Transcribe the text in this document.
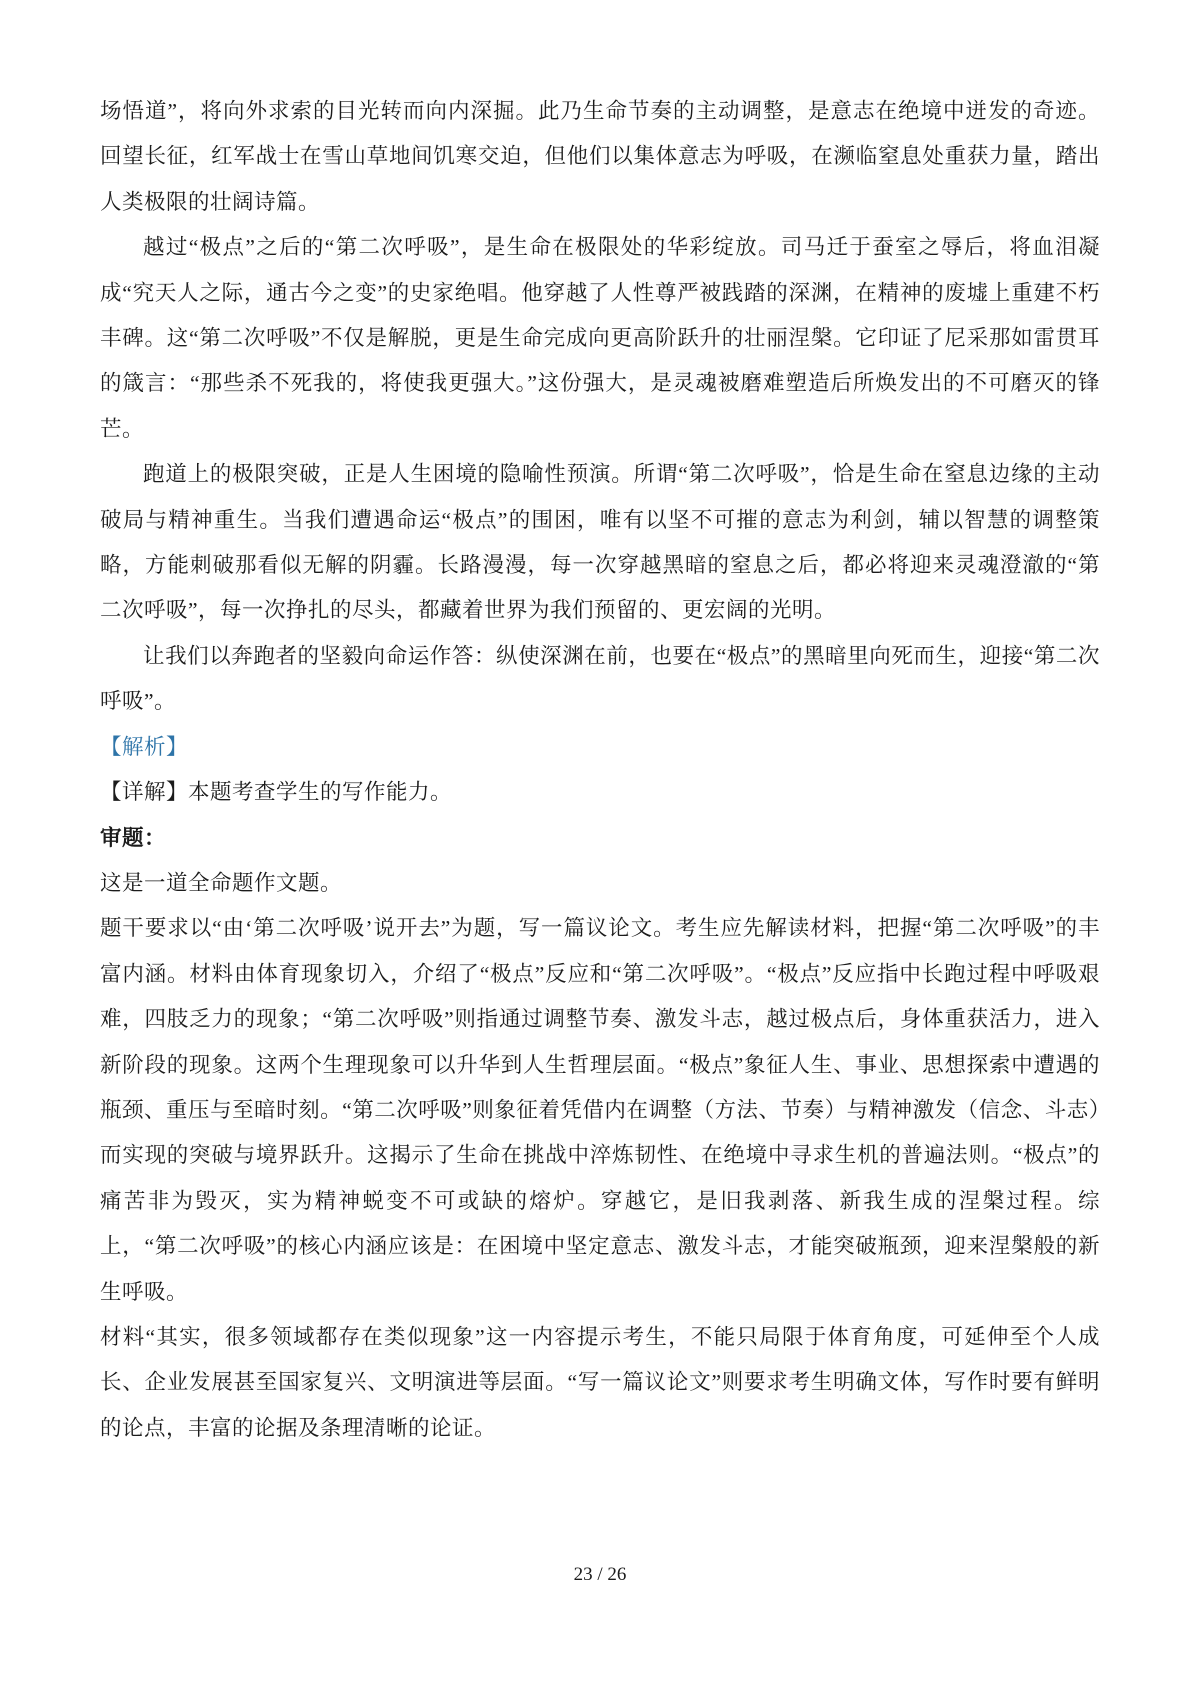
场悟道”，将向外求索的目光转而向内深掘。此乃生命节奏的主动调整，是意志在绝境中迸发的奇迹。回望长征，红军战士在雪山草地间饥寒交迫，但他们以集体意志为呼吸，在濒临窒息处重获力量，踏出人类极限的壮阔诗篇。

越过“极点”之后的“第二次呼吸”，是生命在极限处的华彩绽放。司马迁于蚕室之辱后，将血泪凝成“究天人之际，通古今之变”的史家绝唱。他穿越了人性尊严被践踏的深渊，在精神的废墟上重建不朽丰碑。这“第二次呼吸”不仅是解脱，更是生命完成向更高阶跃升的壮丽涅槃。它印证了尼采那如雷贯耳的箴言：“那些杀不死我的，将使我更强大。”这份强大，是灵魂被磨难塑造后所焕发出的不可磨灭的锋芒。

跑道上的极限突破，正是人生困境的隐喻性预演。所谓“第二次呼吸”，恰是生命在窒息边缘的主动破局与精神重生。当我们遭遇命运“极点”的围困，唯有以坚不可摧的意志为利剑，辅以智慧的调整策略，方能刺破那看似无解的阴霾。长路漫漫，每一次穿越黑暗的窒息之后，都必将迎来灵魂澄澈的“第二次呼吸”，每一次挣扎的尽头，都藏着世界为我们预留的、更宏阔的光明。

让我们以奔跑者的坚毅向命运作答：纵使深渊在前，也要在“极点”的黑暗里向死而生，迎接“第二次呼吸”。

【解析】

【详解】本题考查学生的写作能力。

审题：

这是一道全命题作文题。

题干要求以“由‘第二次呼吸’说开去”为题，写一篇议论文。考生应先解读材料，把握“第二次呼吸”的丰富内涵。材料由体育现象切入，介绍了“极点”反应和“第二次呼吸”。“极点”反应指中长跑过程中呼吸艰难，四肢乏力的现象；“第二次呼吸”则指通过调整节奏、激发斗志，越过极点后，身体重获活力，进入新阶段的现象。这两个生理现象可以升华到人生哲理层面。“极点”象征人生、事业、思想探索中遭遇的瓶颈、重压与至暗时刻。“第二次呼吸”则象征着凭借内在调整（方法、节奏）与精神激发（信念、斗志）而实现的突破与境界跃升。这揭示了生命在挑战中淬炼韧性、在绝境中寻求生机的普遍法则。“极点”的痛苦非为毁灭，实为精神蜕变不可或缺的熔炉。穿越它，是旧我剥落、新我生成的涅槃过程。综上，“第二次呼吸”的核心内涵应该是：在困境中坚定意志、激发斗志，才能突破瓶颈，迎来涅槃般的新生呼吸。

材料“其实，很多领域都存在类似现象”这一内容提示考生，不能只局限于体育角度，可延伸至个人成长、企业发展甚至国家复兴、文明演进等层面。“写一篇议论文”则要求考生明确文体，写作时要有鲜明的论点，丰富的论据及条理清晰的论证。

23 / 26
